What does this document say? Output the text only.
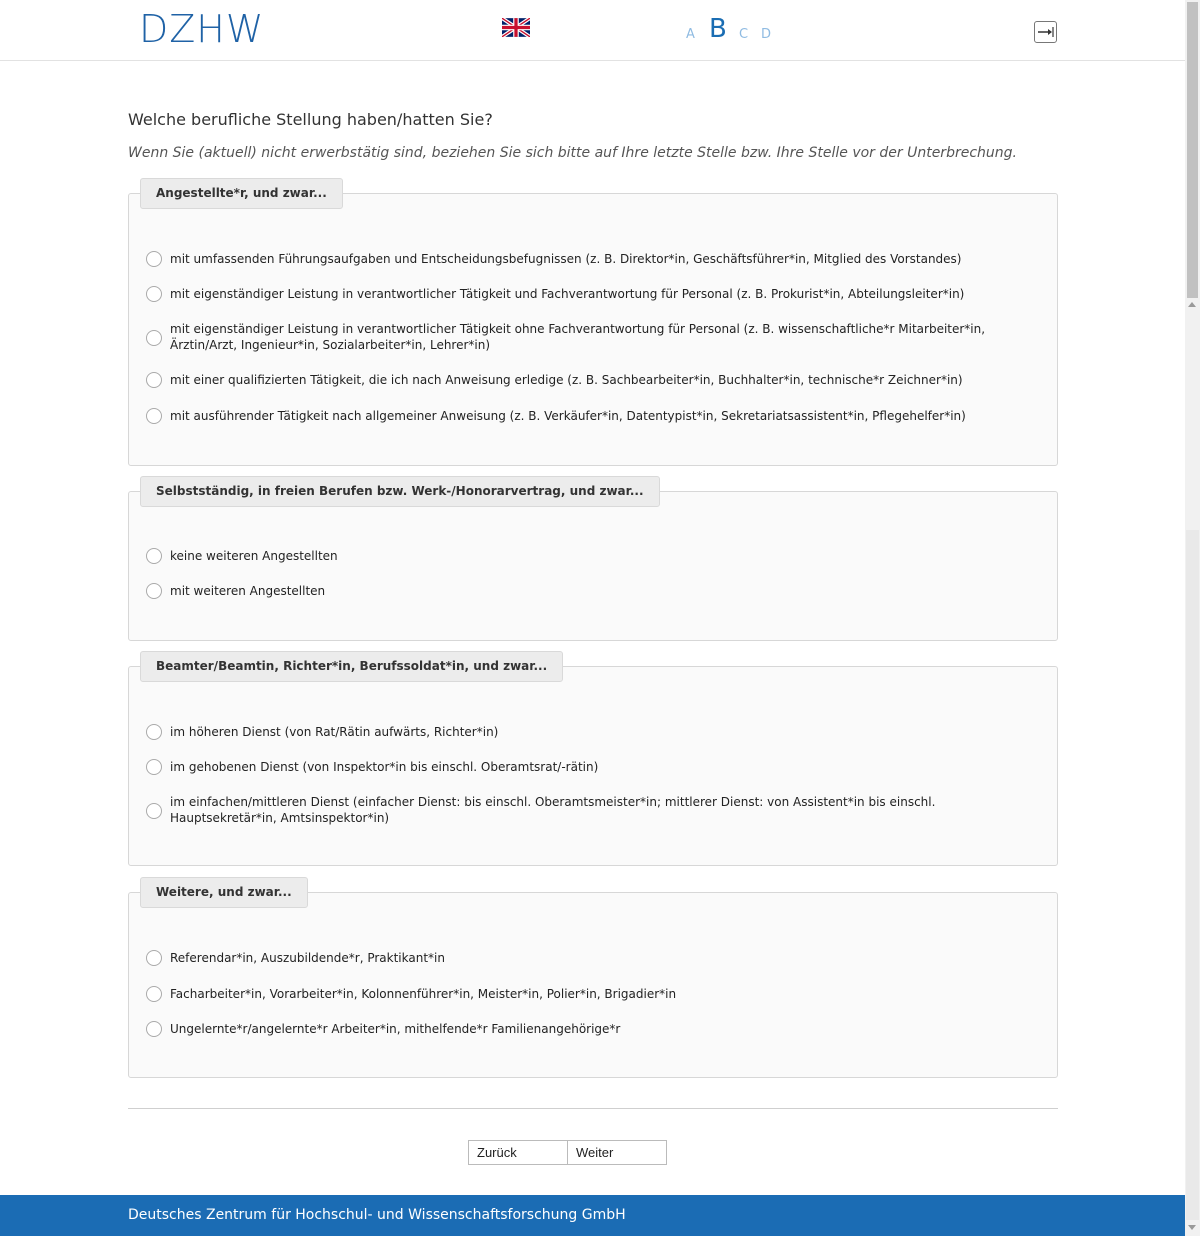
DZHW	A B C D
Welche berufliche Stellung haben/hatten Sie?
Wenn Sie (aktuell) nicht erwerbstätig sind, beziehen Sie sich bitte auf Ihre letzte Stelle bzw. Ihre Stelle vor der Unterbrechung.
Angestellte*r, und zwar...
mit umfassenden Führungsaufgaben und Entscheidungsbefugnissen (z. B. Direktor*in, Geschäftsführer*in, Mitglied des Vorstandes)
mit eigenständiger Leistung in verantwortlicher Tätigkeit und Fachverantwortung für Personal (z. B. Prokurist*in, Abteilungsleiter*in)
mit eigenständiger Leistung in verantwortlicher Tätigkeit ohne Fachverantwortung für Personal (z. B. wissenschaftliche*r Mitarbeiter*in, Ärztin/Arzt, Ingenieur*in, Sozialarbeiter*in, Lehrer*in)
mit einer qualifizierten Tätigkeit, die ich nach Anweisung erledige (z. B. Sachbearbeiter*in, Buchhalter*in, technische*r Zeichner*in)
mit ausführender Tätigkeit nach allgemeiner Anweisung (z. B. Verkäufer*in, Datentypist*in, Sekretariatsassistent*in, Pflegehelfer*in)
Selbstständig, in freien Berufen bzw. Werk-/Honorarvertrag, und zwar...
keine weiteren Angestellten
mit weiteren Angestellten
Beamter/Beamtin, Richter*in, Berufssoldat*in, und zwar...
im höheren Dienst (von Rat/Rätin aufwärts, Richter*in)
im gehobenen Dienst (von Inspektor*in bis einschl. Oberamtsrat/-rätin)
im einfachen/mittleren Dienst (einfacher Dienst: bis einschl. Oberamtsmeister*in; mittlerer Dienst: von Assistent*in bis einschl. Hauptsekretär*in, Amtsinspektor*in)
Weitere, und zwar...
Referendar*in, Auszubildende*r, Praktikant*in
Facharbeiter*in, Vorarbeiter*in, Kolonnenführer*in, Meister*in, Polier*in, Brigadier*in
Ungelernte*r/angelernte*r Arbeiter*in, mithelfende*r Familienangehörige*r
Zurück	Weiter
Deutsches Zentrum für Hochschul- und Wissenschaftsforschung GmbH
